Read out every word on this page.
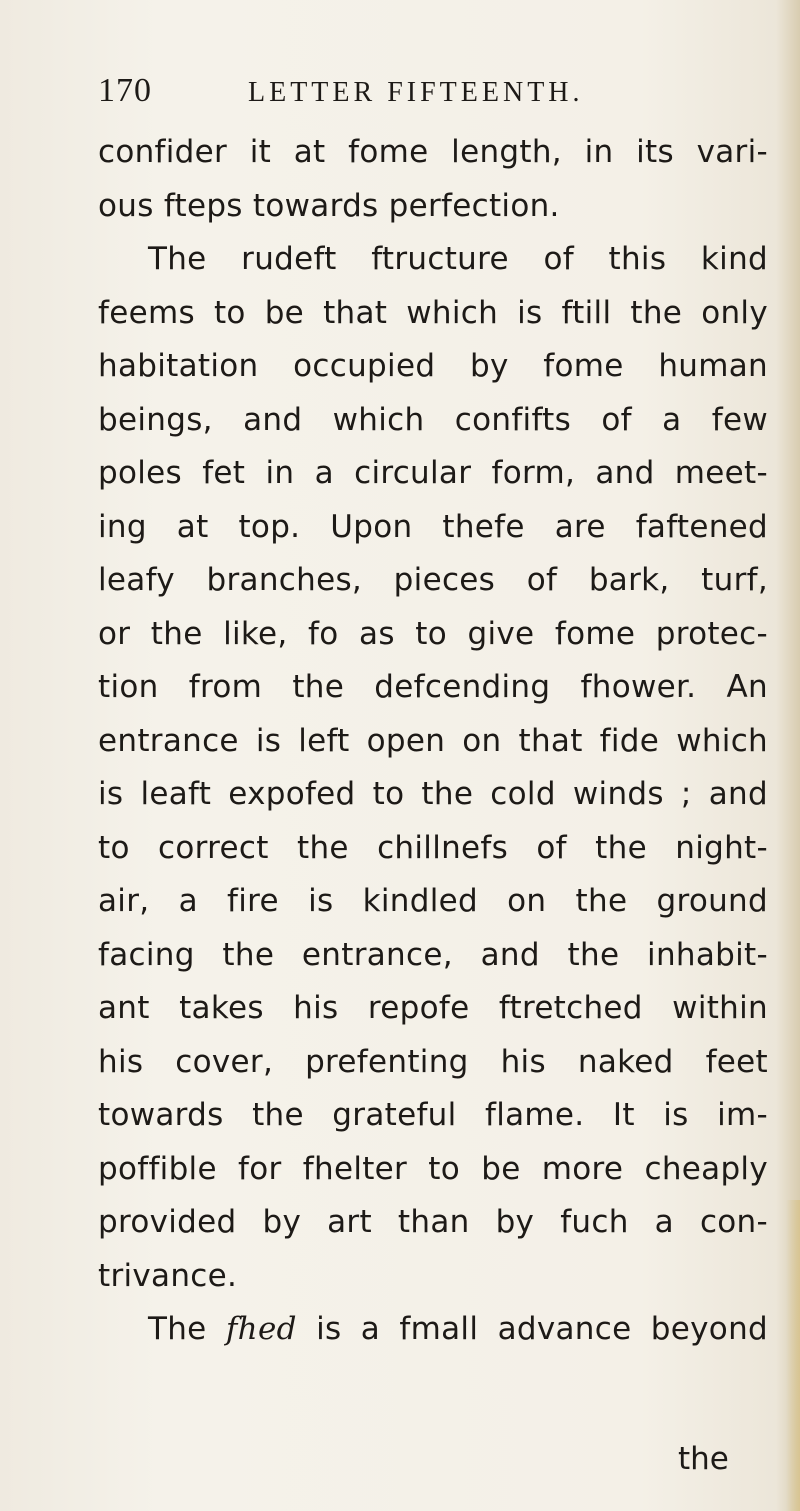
170	LETTER FIFTEENTH.
confider it at fome length, in its vari-
ous fteps towards perfection.
The rudeft ftructure of this kind
feems to be that which is ftill the only
habitation occupied by fome human
beings, and which confifts of a few
poles fet in a circular form, and meet-
ing at top. Upon thefe are faftened
leafy branches, pieces of bark, turf,
or the like, fo as to give fome protec-
tion from the defcending fhower. An
entrance is left open on that fide which
is leaft expofed to the cold winds ; and
to correct the chillnefs of the night-
air, a fire is kindled on the ground
facing the entrance, and the inhabit-
ant takes his repofe ftretched within
his cover, prefenting his naked feet
towards the grateful flame. It is im-
poffible for fhelter to be more cheaply
provided by art than by fuch a con-
trivance.
The fhed is a fmall advance beyond
the
